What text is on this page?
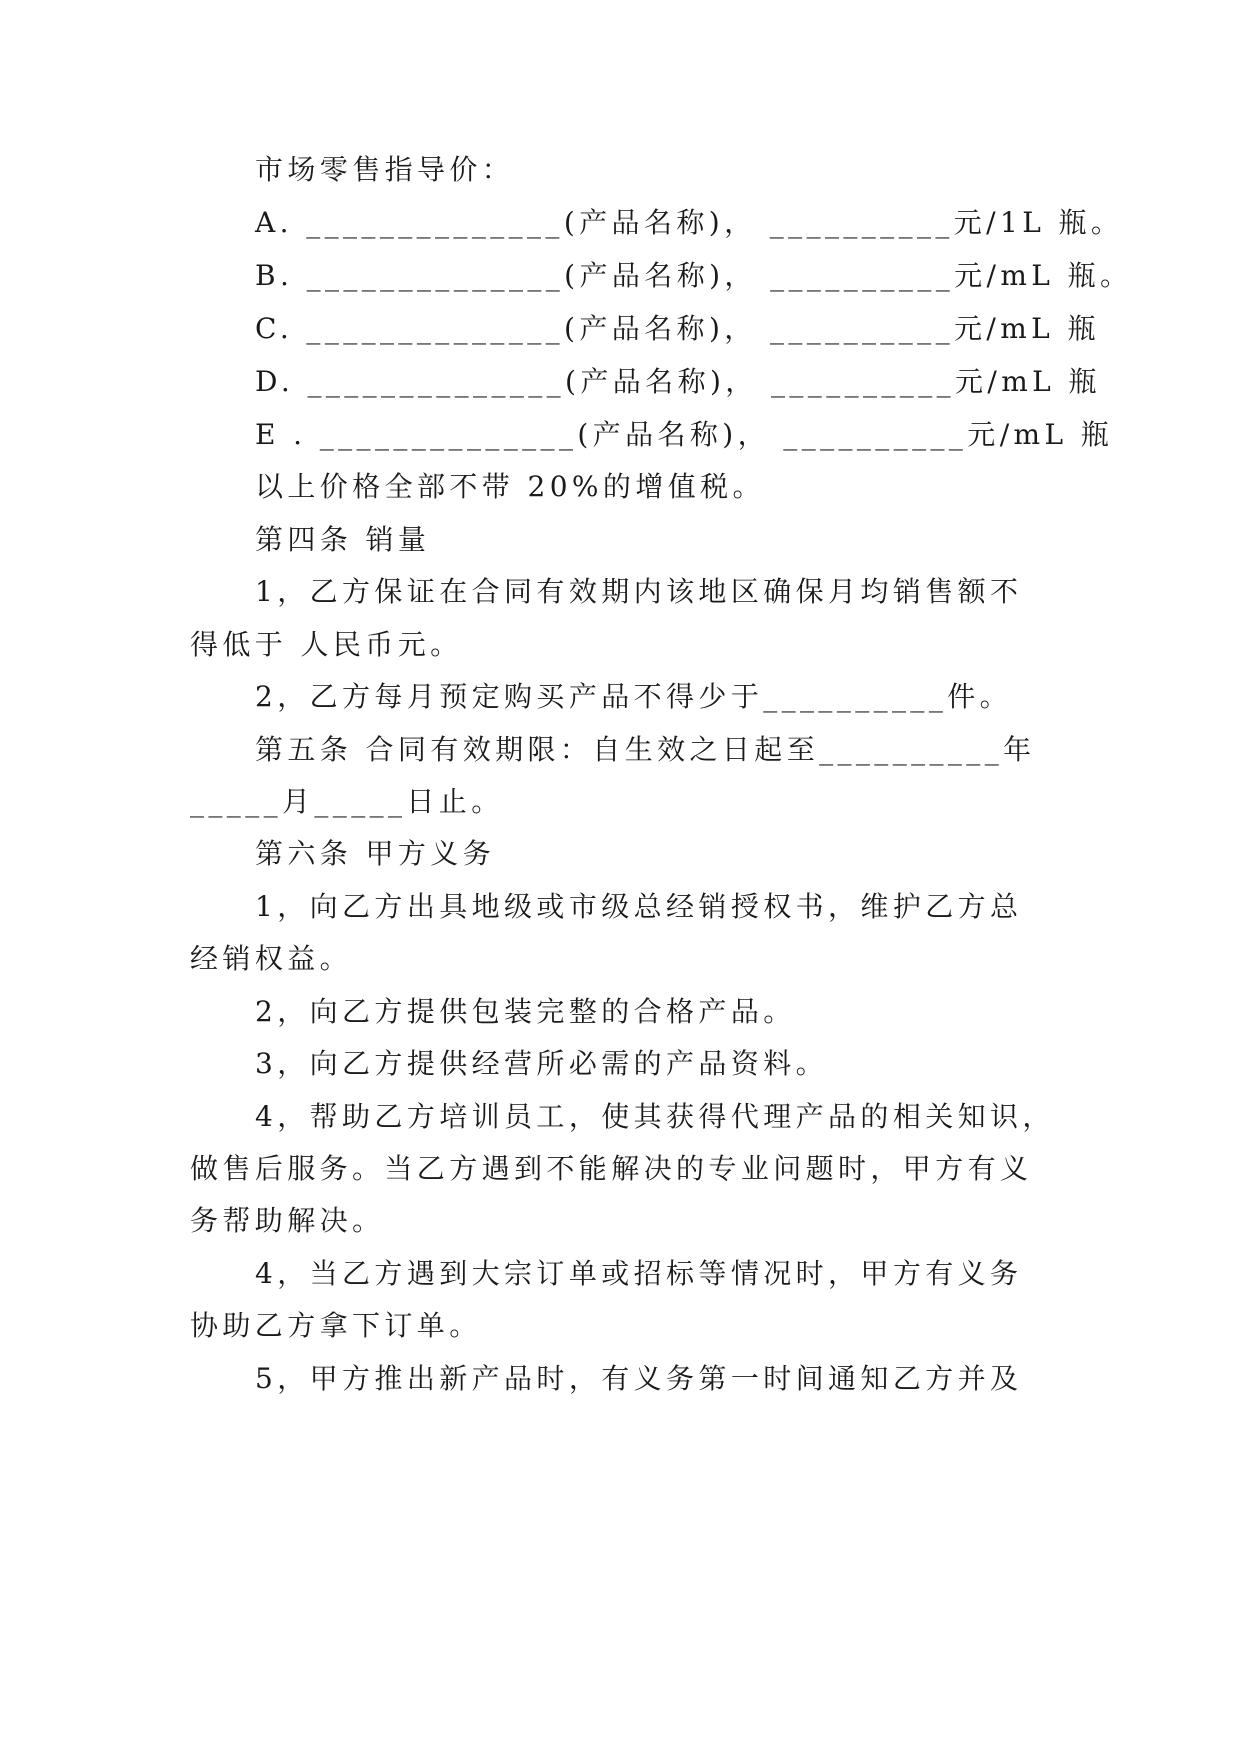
市场零售指导价：
A. ______________(产品名称)， __________元/1L 瓶。
B. ______________(产品名称)， __________元/mL 瓶。
C. ______________(产品名称)， __________元/mL 瓶
D. ______________(产品名称)， __________元/mL 瓶
E . ______________(产品名称)， __________元/mL 瓶
以上价格全部不带 20%的增值税。
第四条 销量
1，乙方保证在合同有效期内该地区确保月均销售额不
得低于 人民币元。
2，乙方每月预定购买产品不得少于__________件。
第五条 合同有效期限：自生效之日起至__________年
_____月_____日止。
第六条 甲方义务
1，向乙方出具地级或市级总经销授权书，维护乙方总
经销权益。
2，向乙方提供包装完整的合格产品。
3，向乙方提供经营所必需的产品资料。
4，帮助乙方培训员工，使其获得代理产品的相关知识，
做售后服务。当乙方遇到不能解决的专业问题时，甲方有义
务帮助解决。
4，当乙方遇到大宗订单或招标等情况时，甲方有义务
协助乙方拿下订单。
5，甲方推出新产品时，有义务第一时间通知乙方并及
